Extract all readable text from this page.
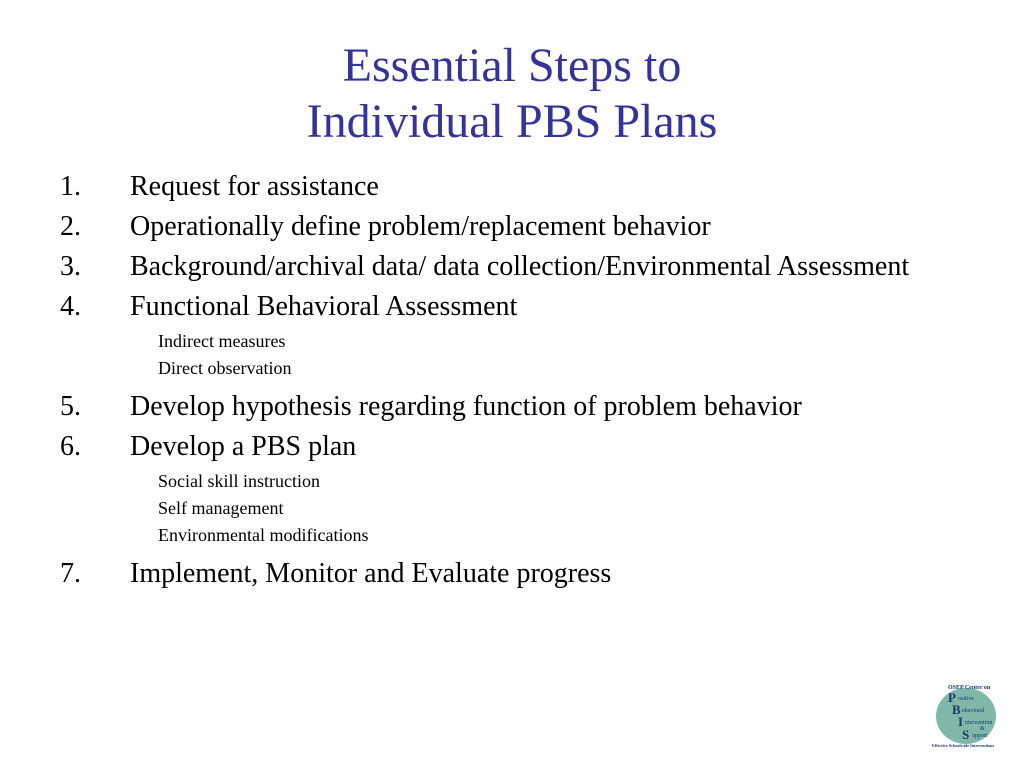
Essential Steps to
Individual PBS Plans
1.	Request for assistance
2.	Operationally define problem/replacement behavior
3.	Background/archival data/ data collection/Environmental Assessment
4.	Functional Behavioral Assessment
Indirect measures
Direct observation
5.	Develop hypothesis regarding function of problem behavior
6.	Develop a PBS plan
Social skill instruction
Self management
Environmental modifications
7.	Implement, Monitor and Evaluate progress
OSEP Center on
P ositive
B ehavioral
I ntervention
&
S upport
Effective Schoolwide Interventions
